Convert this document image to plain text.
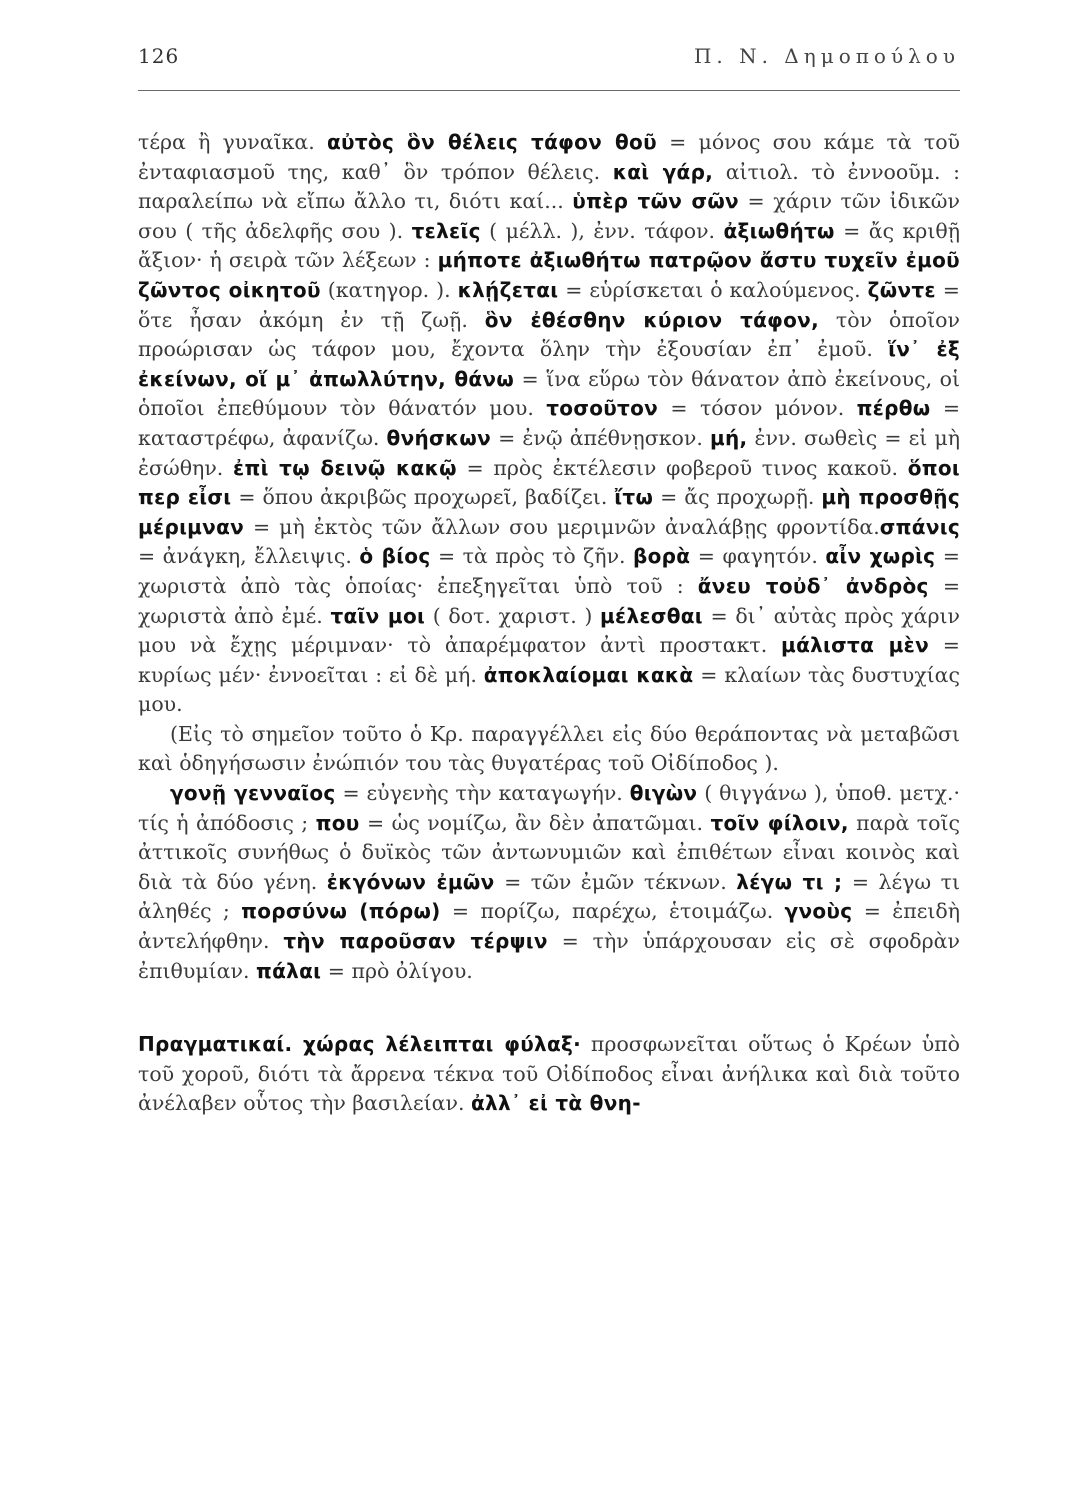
126	Π. Ν. Δημοπούλου

τέρα ἢ γυναῖκα. αὐτὸς ὃν θέλεις τάφον θοῦ = μόνος σου κάμε τὰ τοῦ ἐνταφιασμοῦ της, καθ᾽ ὃν τρόπον θέλεις. καὶ γάρ, αἰτιολ. τὸ ἐννοοῦμ. : παραλείπω νὰ εἴπω ἄλλο τι, διότι καί... ὑπὲρ τῶν σῶν = χάριν τῶν ἰδικῶν σου ( τῆς ἀδελφῆς σου ). τελεῖς ( μέλλ. ), ἐνν. τάφον. ἀξιωθήτω = ἄς κριθῇ ἄξιον· ἡ σειρὰ τῶν λέξεων : μήποτε ἀξιωθήτω πατρῷον ἄστυ τυχεῖν ἐμοῦ ζῶντος οἰκητοῦ (κατηγορ. ). κλῄζεται = εὑρίσκεται ὁ καλούμενος. ζῶντε = ὅτε ἦσαν ἀκόμη ἐν τῇ ζωῇ. ὃν ἐθέσθην κύριον τάφον, τὸν ὁποῖον προώρισαν ὡς τάφον μου, ἔχοντα ὅλην τὴν ἐξουσίαν ἐπ᾽ ἐμοῦ. ἵν᾽ ἐξ ἐκείνων, οἵ μ᾽ ἀπωλλύτην, θάνω = ἵνα εὕρω τὸν θάνατον ἀπὸ ἐκείνους, οἱ ὁποῖοι ἐπεθύμουν τὸν θάνατόν μου. τοσοῦτον = τόσον μόνον. πέρθω = καταστρέφω, ἀφανίζω. θνήσκων = ἐνῷ ἀπέθνῃσκον. μή, ἐνν. σωθεὶς = εἰ μὴ ἐσώθην. ἐπὶ τῳ δεινῷ κακῷ = πρὸς ἐκτέλεσιν φοβεροῦ τινος κακοῦ. ὅποι περ εἶσι = ὅπου ἀκριβῶς προχωρεῖ, βαδίζει. ἴτω = ἄς προχωρῇ. μὴ προσθῇς μέριμναν = μὴ ἐκτὸς τῶν ἄλλων σου μεριμνῶν ἀναλάβῃς φροντίδα.σπάνις = ἀνάγκη, ἔλλειψις. ὁ βίος = τὰ πρὸς τὸ ζῆν. βορὰ = φαγητόν. αἶν χωρὶς = χωριστὰ ἀπὸ τὰς ὁποίας· ἐπεξηγεῖται ὑπὸ τοῦ : ἄνευ τοὐδ᾽ ἀνδρὸς = χωριστὰ ἀπὸ ἐμέ. ταῖν μοι ( δοτ. χαριστ. ) μέλεσθαι = δι᾽ αὐτὰς πρὸς χάριν μου νὰ ἔχῃς μέριμναν· τὸ ἀπαρέμφατον ἀντὶ προστακτ. μάλιστα μὲν = κυρίως μέν· ἐννοεῖται : εἰ δὲ μή. ἀποκλαίομαι κακὰ = κλαίων τὰς δυστυχίας μου.

(Εἰς τὸ σημεῖον τοῦτο ὁ Κρ. παραγγέλλει εἰς δύο θεράποντας νὰ μεταβῶσι καὶ ὁδηγήσωσιν ἐνώπιόν του τὰς θυγατέρας τοῦ Οἰδίποδος ).

γονῇ γενναῖος = εὐγενὴς τὴν καταγωγήν. θιγὼν ( θιγγάνω ), ὑποθ. μετχ.· τίς ἡ ἀπόδοσις ; που = ὡς νομίζω, ἂν δὲν ἀπατῶμαι. τοῖν φίλοιν, παρὰ τοῖς ἀττικοῖς συνήθως ὁ δυϊκὸς τῶν ἀντωνυμιῶν καὶ ἐπιθέτων εἶναι κοινὸς καὶ διὰ τὰ δύο γένη. ἐκγόνων ἐμῶν = τῶν ἐμῶν τέκνων. λέγω τι ; = λέγω τι ἀληθές ; πορσύνω (πόρω) = πορίζω, παρέχω, ἑτοιμάζω. γνοὺς = ἐπειδὴ ἀντελήφθην. τὴν παροῦσαν τέρψιν = τὴν ὑπάρχουσαν εἰς σὲ σφοδρὰν ἐπιθυμίαν. πάλαι = πρὸ ὀλίγου.

Πραγματικαί. χώρας λέλειπται φύλαξ· προσφωνεῖται οὕτως ὁ Κρέων ὑπὸ τοῦ χοροῦ, διότι τὰ ἄρρενα τέκνα τοῦ Οἰδίποδος εἶναι ἀνήλικα καὶ διὰ τοῦτο ἀνέλαβεν οὗτος τὴν βασιλείαν. ἀλλ᾽ εἰ τὰ θνη-
